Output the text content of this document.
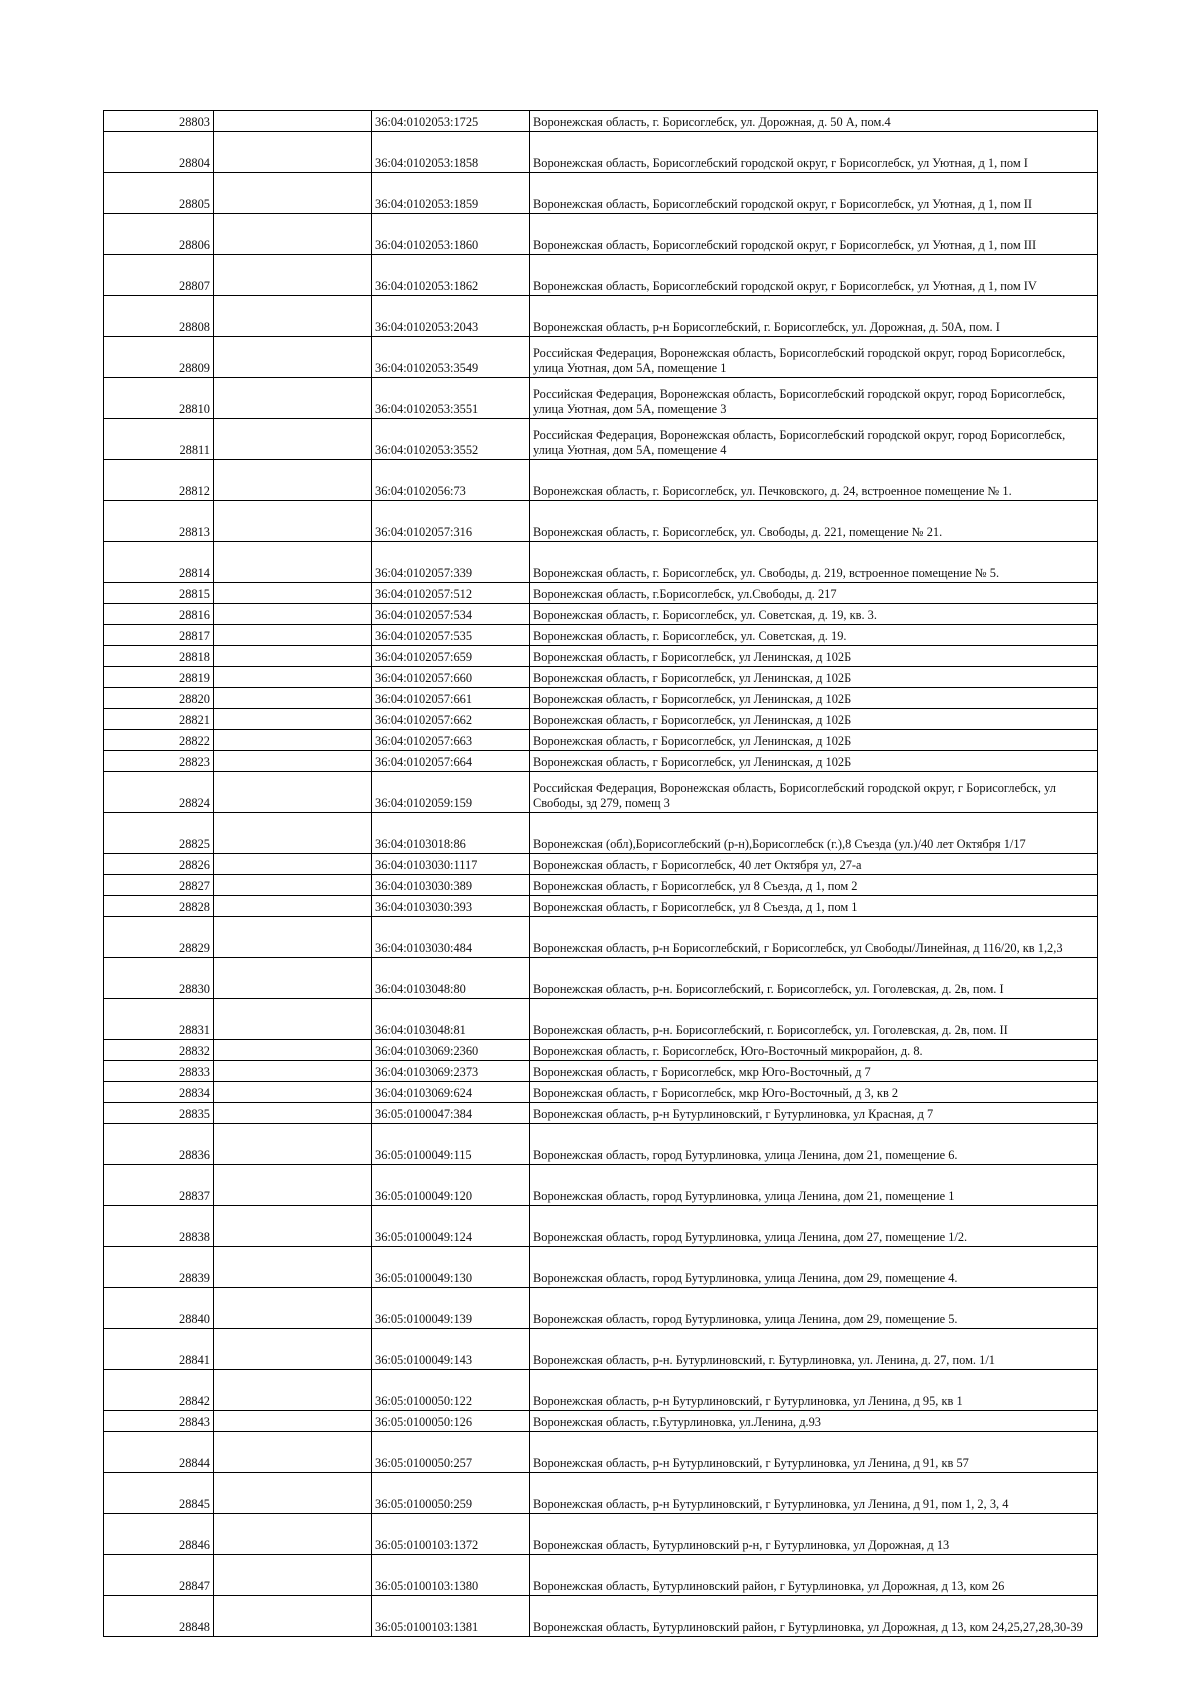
28803		36:04:0102053:1725	Воронежская область, г. Борисоглебск, ул. Дорожная, д. 50 А, пом.4
28804		36:04:0102053:1858	Воронежская область, Борисоглебский городской округ, г Борисоглебск, ул Уютная, д 1, пом I
28805		36:04:0102053:1859	Воронежская область, Борисоглебский городской округ, г Борисоглебск, ул Уютная, д 1, пом II
28806		36:04:0102053:1860	Воронежская область, Борисоглебский городской округ, г Борисоглебск, ул Уютная, д 1, пом III
28807		36:04:0102053:1862	Воронежская область, Борисоглебский городской округ, г Борисоглебск, ул Уютная, д 1, пом IV
28808		36:04:0102053:2043	Воронежская область, р-н Борисоглебский, г. Борисоглебск, ул. Дорожная, д. 50А, пом. I
28809		36:04:0102053:3549	Российская Федерация, Воронежская область, Борисоглебский городской округ, город Борисоглебск, улица Уютная, дом 5А, помещение 1
28810		36:04:0102053:3551	Российская Федерация, Воронежская область, Борисоглебский городской округ, город Борисоглебск, улица Уютная, дом 5А, помещение 3
28811		36:04:0102053:3552	Российская Федерация, Воронежская область, Борисоглебский городской округ, город Борисоглебск, улица Уютная, дом 5А, помещение 4
28812		36:04:0102056:73	Воронежская область, г. Борисоглебск, ул. Печковского, д. 24, встроенное помещение № 1.
28813		36:04:0102057:316	Воронежская область, г. Борисоглебск, ул. Свободы, д. 221, помещение № 21.
28814		36:04:0102057:339	Воронежская область, г. Борисоглебск, ул. Свободы, д. 219, встроенное помещение № 5.
28815		36:04:0102057:512	Воронежская область, г.Борисоглебск, ул.Свободы, д. 217
28816		36:04:0102057:534	Воронежская область, г. Борисоглебск, ул. Советская, д. 19, кв. 3.
28817		36:04:0102057:535	Воронежская область, г. Борисоглебск, ул. Советская, д. 19.
28818		36:04:0102057:659	Воронежская область, г Борисоглебск, ул Ленинская, д 102Б
28819		36:04:0102057:660	Воронежская область, г Борисоглебск, ул Ленинская, д 102Б
28820		36:04:0102057:661	Воронежская область, г Борисоглебск, ул Ленинская, д 102Б
28821		36:04:0102057:662	Воронежская область, г Борисоглебск, ул Ленинская, д 102Б
28822		36:04:0102057:663	Воронежская область, г Борисоглебск, ул Ленинская, д 102Б
28823		36:04:0102057:664	Воронежская область, г Борисоглебск, ул Ленинская, д 102Б
28824		36:04:0102059:159	Российская Федерация, Воронежская область, Борисоглебский городской округ, г Борисоглебск, ул Свободы, зд 279, помещ 3
28825		36:04:0103018:86	Воронежская (обл),Борисоглебский (р-н),Борисоглебск (г.),8 Съезда (ул.)/40 лет Октября 1/17
28826		36:04:0103030:1117	Воронежская область, г Борисоглебск, 40 лет Октября ул, 27-а
28827		36:04:0103030:389	Воронежская область, г Борисоглебск, ул 8 Съезда, д 1, пом 2
28828		36:04:0103030:393	Воронежская область, г Борисоглебск, ул 8 Съезда, д 1, пом 1
28829		36:04:0103030:484	Воронежская область, р-н Борисоглебский, г Борисоглебск, ул Свободы/Линейная, д 116/20, кв 1,2,3
28830		36:04:0103048:80	Воронежская область, р-н. Борисоглебский, г. Борисоглебск, ул. Гоголевская, д. 2в, пом. I
28831		36:04:0103048:81	Воронежская область, р-н. Борисоглебский, г. Борисоглебск, ул. Гоголевская, д. 2в, пом. II
28832		36:04:0103069:2360	Воронежская область, г. Борисоглебск, Юго-Восточный микрорайон, д. 8.
28833		36:04:0103069:2373	Воронежская область, г Борисоглебск, мкр Юго-Восточный, д 7
28834		36:04:0103069:624	Воронежская область, г Борисоглебск, мкр Юго-Восточный, д 3, кв 2
28835		36:05:0100047:384	Воронежская область, р-н Бутурлиновский, г Бутурлиновка, ул Красная, д 7
28836		36:05:0100049:115	Воронежская область, город Бутурлиновка, улица Ленина, дом 21, помещение 6.
28837		36:05:0100049:120	Воронежская область, город Бутурлиновка, улица Ленина, дом 21, помещение 1
28838		36:05:0100049:124	Воронежская область, город Бутурлиновка, улица Ленина, дом 27, помещение 1/2.
28839		36:05:0100049:130	Воронежская область, город Бутурлиновка, улица Ленина, дом 29, помещение 4.
28840		36:05:0100049:139	Воронежская область, город Бутурлиновка, улица Ленина, дом 29, помещение 5.
28841		36:05:0100049:143	Воронежская область, р-н. Бутурлиновский, г. Бутурлиновка, ул. Ленина, д. 27, пом. 1/1
28842		36:05:0100050:122	Воронежская область, р-н Бутурлиновский, г Бутурлиновка, ул Ленина, д 95, кв 1
28843		36:05:0100050:126	Воронежская область, г.Бутурлиновка, ул.Ленина, д.93
28844		36:05:0100050:257	Воронежская область, р-н Бутурлиновский, г Бутурлиновка, ул Ленина, д 91, кв 57
28845		36:05:0100050:259	Воронежская область, р-н Бутурлиновский, г Бутурлиновка, ул Ленина, д 91, пом 1, 2, 3, 4
28846		36:05:0100103:1372	Воронежская область, Бутурлиновский р-н, г Бутурлиновка, ул Дорожная, д 13
28847		36:05:0100103:1380	Воронежская область, Бутурлиновский район, г Бутурлиновка, ул Дорожная, д 13, ком 26
28848		36:05:0100103:1381	Воронежская область, Бутурлиновский район, г Бутурлиновка, ул Дорожная, д 13, ком 24,25,27,28,30-39
